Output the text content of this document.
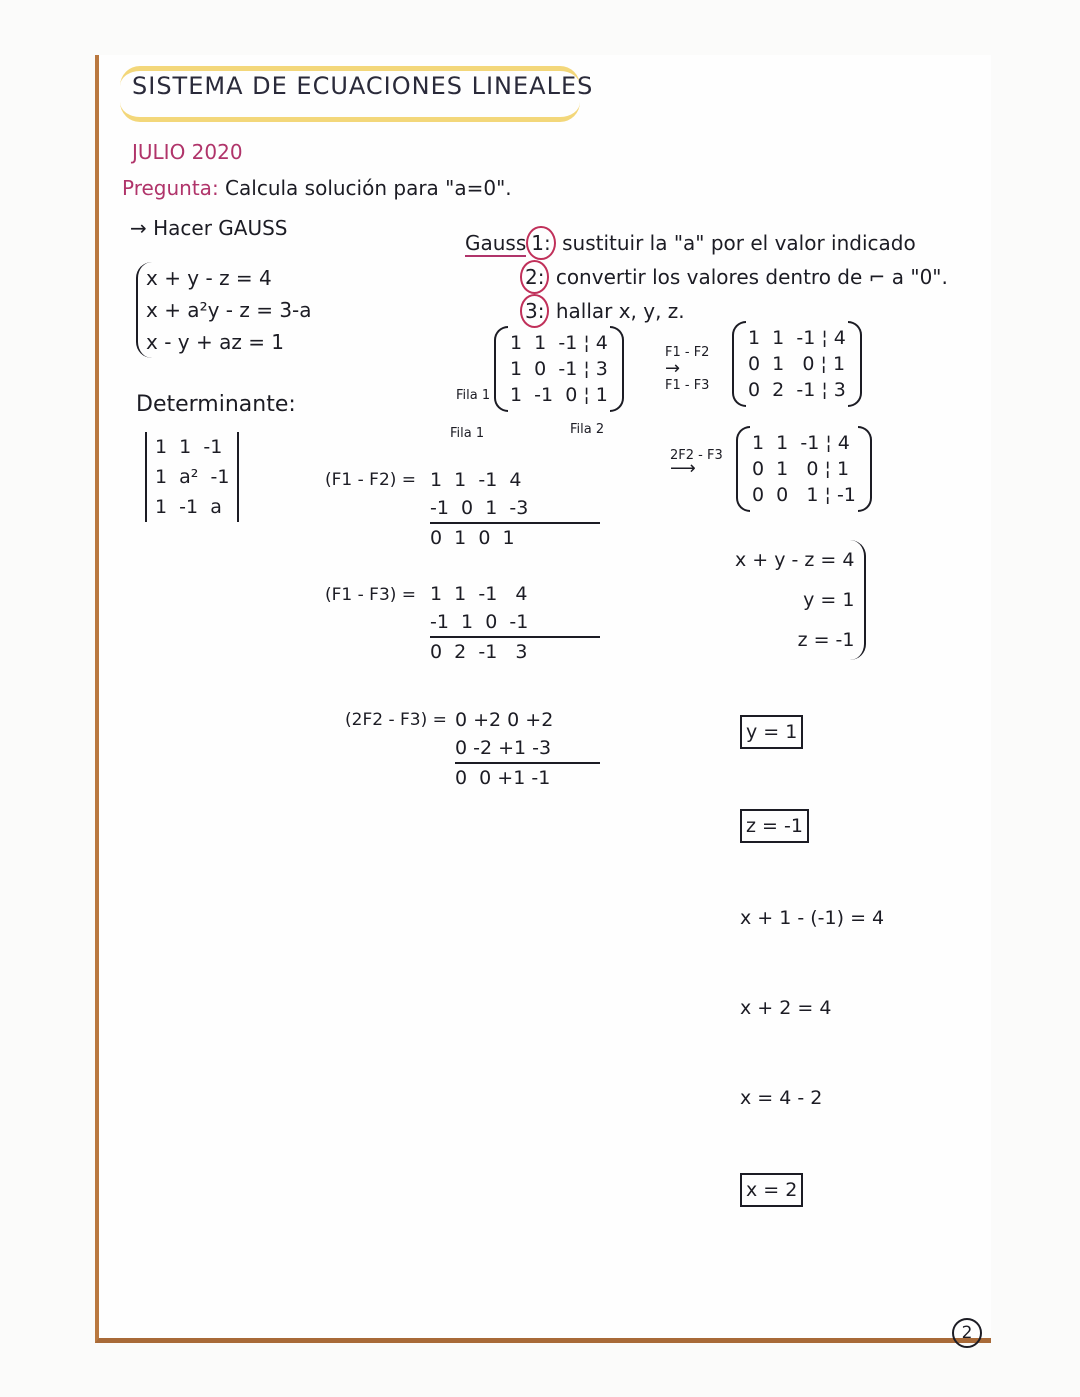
SISTEMA DE ECUACIONES LINEALES
JULIO 2020
Pregunta: Calcula solución para "a=0".
→ Hacer GAUSS
x + y - z = 4
x + a²y - z = 3-a
x - y + az = 1
Determinante:
1  1  -1
1  a²  -1
1  -1  a
Gauss 1: sustituir la "a" por el valor indicado
2: convertir los valores dentro de ⌐ a "0".
3: hallar x, y, z.
1  1  -1 ¦ 4
1  0  -1 ¦ 3
1  -1  0 ¦ 1
Fila 1
Fila 1	Fila 2
F1 - F2
→
F1 - F3
1  1  -1 ¦ 4
0  1   0 ¦ 1
0  2  -1 ¦ 3
2F2 - F3
⟶
1  1  -1 ¦ 4
0  1   0 ¦ 1
0  0   1 ¦ -1
(F1 - F2) = 1  1  -1  4
-1  0  1  -3
0  1  0  1
(F1 - F3) = 1  1  -1   4
-1  1  0  -1
0  2  -1   3
(2F2 - F3) = 0 +2 0 +2
0 -2 +1 -3
0  0 +1 -1
x + y - z = 4
y = 1
z = -1

y = 1

z = -1

x + 1 - (-1) = 4

x + 2 = 4

x = 4 - 2

x = 2

2
